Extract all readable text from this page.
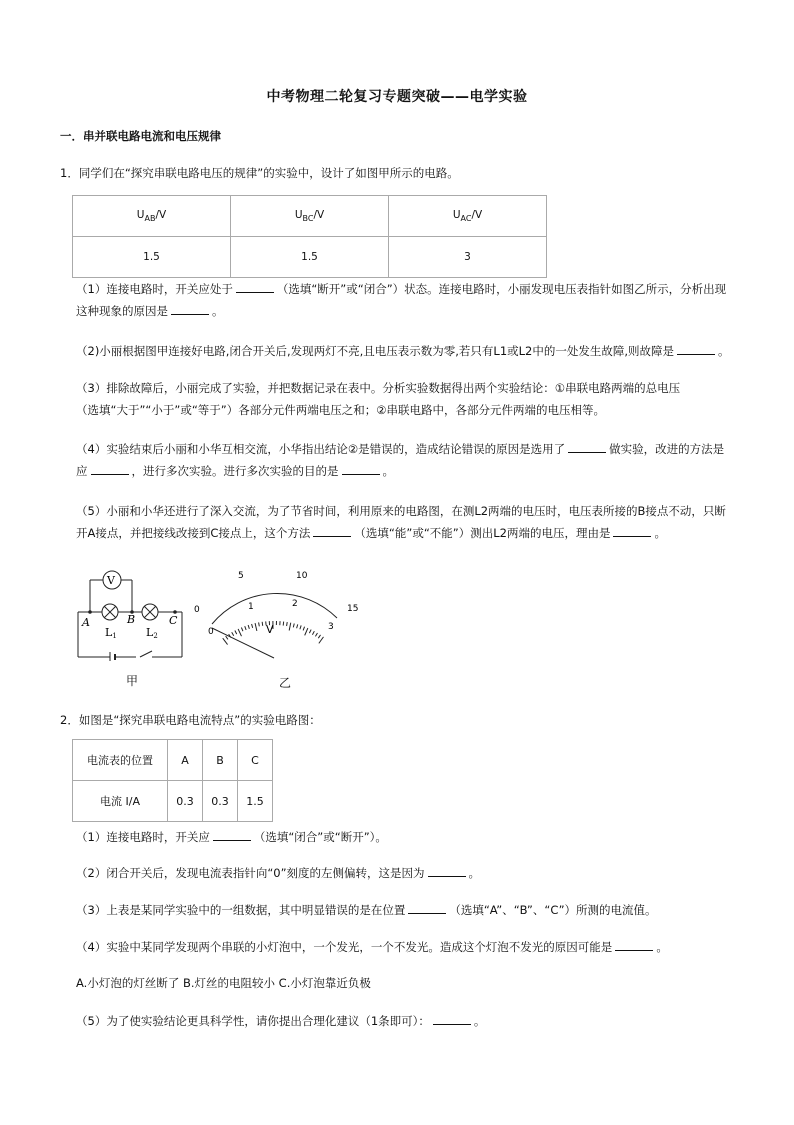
中考物理二轮复习专题突破——电学实验
一．串并联电路电流和电压规律
1．同学们在“探究串联电路电压的规律”的实验中，设计了如图甲所示的电路。
$U_{AB}/V$	$U_{BC}/V$	$U_{AC}/V$
1.5	1.5	3
（1）连接电路时，开关应处于	（选填“断开”或“闭合”）状态。连接电路时，小丽发现电压表指针如图乙所示，分析出现
这种现象的原因是	。
（2)小丽根据图甲连接好电路,闭合开关后,发现两灯不亮,且电压表示数为零,若只有L1或L2中的一处发生故障,则故障是	。
（3）排除故障后，小丽完成了实验，并把数据记录在表中。分析实验数据得出两个实验结论：①串联电路两端的总电压
（选填“大于”“小于”或“等于”）各部分元件两端电压之和；②串联电路中，各部分元件两端的电压相等。
（4）实验结束后小丽和小华互相交流，小华指出结论②是错误的，造成结论错误的原因是选用了	做实验，改进的方法是
应	，进行多次实验。进行多次实验的目的是	。
（5）小丽和小华还进行了深入交流，为了节省时间，利用原来的电路图，在测L2两端的电压时，电压表所接的B接点不动，只断
开A接点，并把接线改接到C接点上，这个方法	（选填“能”或“不能”）测出L2两端的电压，理由是	。
V
A	B	C
L1	L2
甲
5	10
15
0
0
1	2
3
V
乙
2．如图是“探究串联电路电流特点”的实验电路图：
电流表的位置	A	B	C
电流 I/A	0.3	0.3	1.5
（1）连接电路时，开关应	（选填“闭合”或“断开”）。
（2）闭合开关后，发现电流表指针向“0”刻度的左侧偏转，这是因为	。
（3）上表是某同学实验中的一组数据，其中明显错误的是在位置	（选填“A”、“B”、“C”）所测的电流值。
（4）实验中某同学发现两个串联的小灯泡中，一个发光，一个不发光。造成这个灯泡不发光的原因可能是	。
A.小灯泡的灯丝断了 B.灯丝的电阻较小 C.小灯泡靠近负极
（5）为了使实验结论更具科学性，请你提出合理化建议（1条即可）：	。
